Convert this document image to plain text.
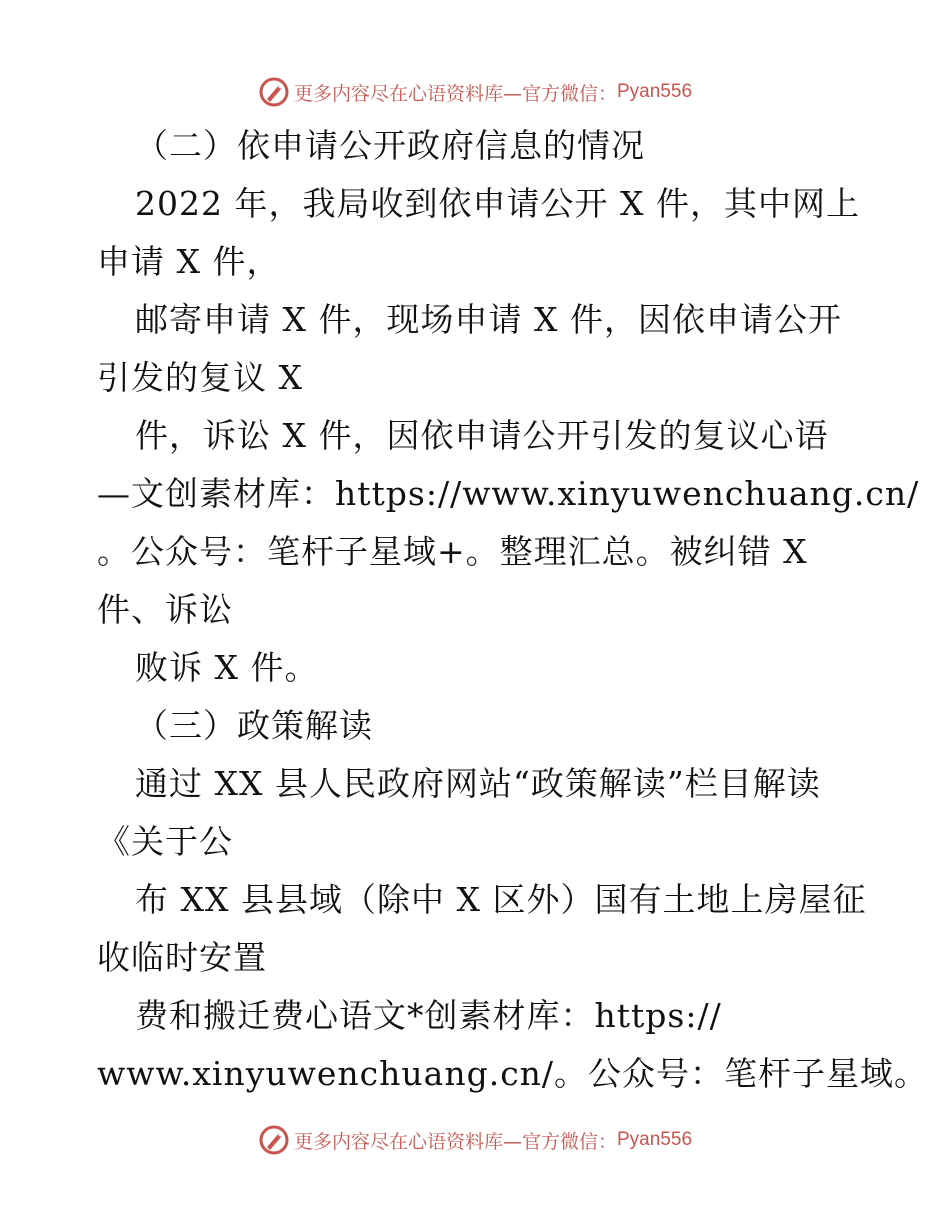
更多内容尽在心语资料库—官方微信： Pyan556
（二）依申请公开政府信息的情况
2022 年，我局收到依申请公开 X 件，其中网上
申请 X 件，
邮寄申请 X 件，现场申请 X 件，因依申请公开
引发的复议 X
件，诉讼 X 件，因依申请公开引发的复议心语
—文创素材库：https://www.xinyuwenchuang.cn/
。公众号：笔杆子星域+。整理汇总。被纠错 X
件、诉讼
败诉 X 件。
（三）政策解读
通过 XX 县人民政府网站“政策解读”栏目解读
《关于公
布 XX 县县域（除中 X 区外）国有土地上房屋征
收临时安置
费和搬迁费心语文*创素材库：https://
www.xinyuwenchuang.cn/。公众号：笔杆子星域。
更多内容尽在心语资料库—官方微信： Pyan556
